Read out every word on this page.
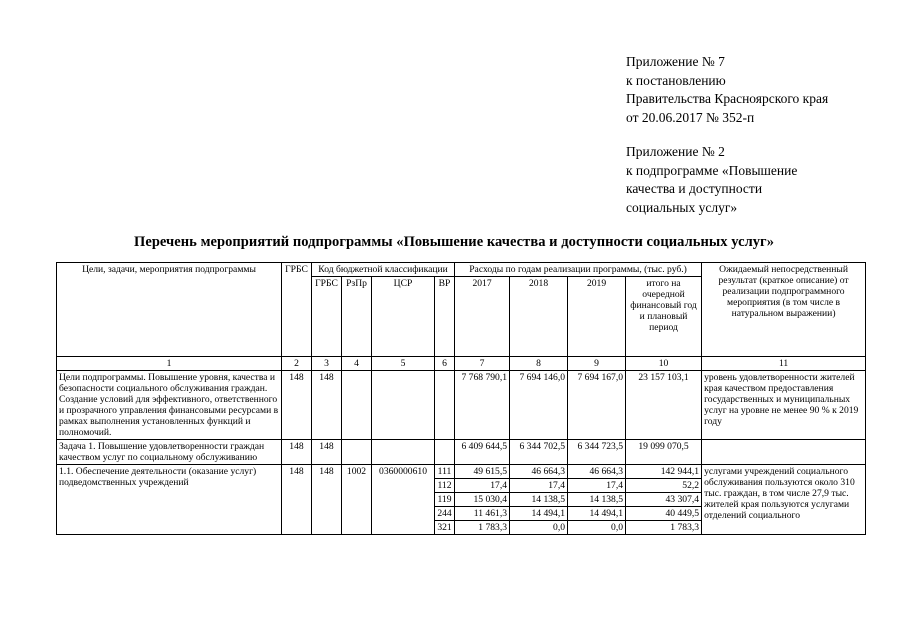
Приложение № 7
к постановлению
Правительства Красноярского края
от 20.06.2017 № 352-п
Приложение № 2
к подпрограмме «Повышение
качества и доступности
социальных услуг»
Перечень мероприятий подпрограммы «Повышение качества и доступности социальных услуг»
Цели, задачи, мероприятия подпрограммы	ГРБС	Код бюджетной классификации				Расходы по годам реализации программы, (тыс. руб.)				Ожидаемый непосредственный результат (краткое описание) от реализации подпрограммного мероприятия (в том числе в натуральном выражении)
		ГРБС	РзПр	ЦСР	ВР	2017	2018	2019	итого на очередной финансовый год и плановый период	
1	2	3	4	5	6	7	8	9	10	11
Цели подпрограммы. Повышение уровня, качества и безопасности социального обслуживания граждан. Создание условий для эффективного, ответственного и прозрачного управления финансовыми ресурсами в рамках выполнения установленных функций и полномочий.	148	148				7 768 790,1	7 694 146,0	7 694 167,0	23 157 103,1	уровень удовлетворенности жителей края качеством предоставления государственных и муниципальных услуг на уровне не менее 90 % к 2019 году
Задача 1. Повышение удовлетворенности граждан качеством услуг по социальному обслуживанию	148	148				6 409 644,5	6 344 702,5	6 344 723,5	19 099 070,5	
1.1. Обеспечение деятельности (оказание услуг) подведомственных учреждений	148	148	1002	0360000610	111	49 615,5	46 664,3	46 664,3	142 944,1	услугами учреждений социального обслуживания пользуются около 310 тыс. граждан, в том числе 27,9 тыс. жителей края пользуются услугами отделений социального
					112	17,4	17,4	17,4	52,2	
					119	15 030,4	14 138,5	14 138,5	43 307,4	
					244	11 461,3	14 494,1	14 494,1	40 449,5	
					321	1 783,3	0,0	0,0	1 783,3	
